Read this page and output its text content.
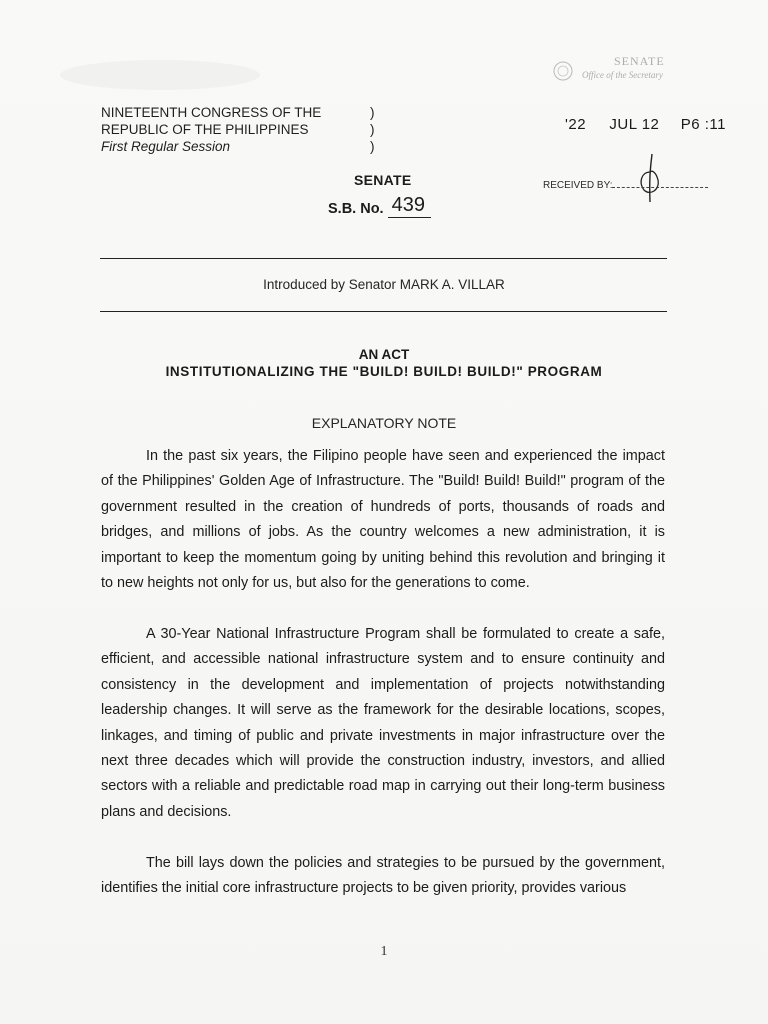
SENATE
Office of the Secretary
NINETEENTH CONGRESS OF THE
REPUBLIC OF THE PHILIPPINES
First Regular Session
)
)
)
'22 JUL 12 P6 :11
RECEIVED BY:
SENATE
S.B. No. 439
Introduced by Senator MARK A. VILLAR
AN ACT
INSTITUTIONALIZING THE "BUILD! BUILD! BUILD!" PROGRAM
EXPLANATORY NOTE
In the past six years, the Filipino people have seen and experienced the impact of the Philippines' Golden Age of Infrastructure. The "Build! Build! Build!" program of the government resulted in the creation of hundreds of ports, thousands of roads and bridges, and millions of jobs. As the country welcomes a new administration, it is important to keep the momentum going by uniting behind this revolution and bringing it to new heights not only for us, but also for the generations to come.
A 30-Year National Infrastructure Program shall be formulated to create a safe, efficient, and accessible national infrastructure system and to ensure continuity and consistency in the development and implementation of projects notwithstanding leadership changes. It will serve as the framework for the desirable locations, scopes, linkages, and timing of public and private investments in major infrastructure over the next three decades which will provide the construction industry, investors, and allied sectors with a reliable and predictable road map in carrying out their long-term business plans and decisions.
The bill lays down the policies and strategies to be pursued by the government, identifies the initial core infrastructure projects to be given priority, provides various
1
